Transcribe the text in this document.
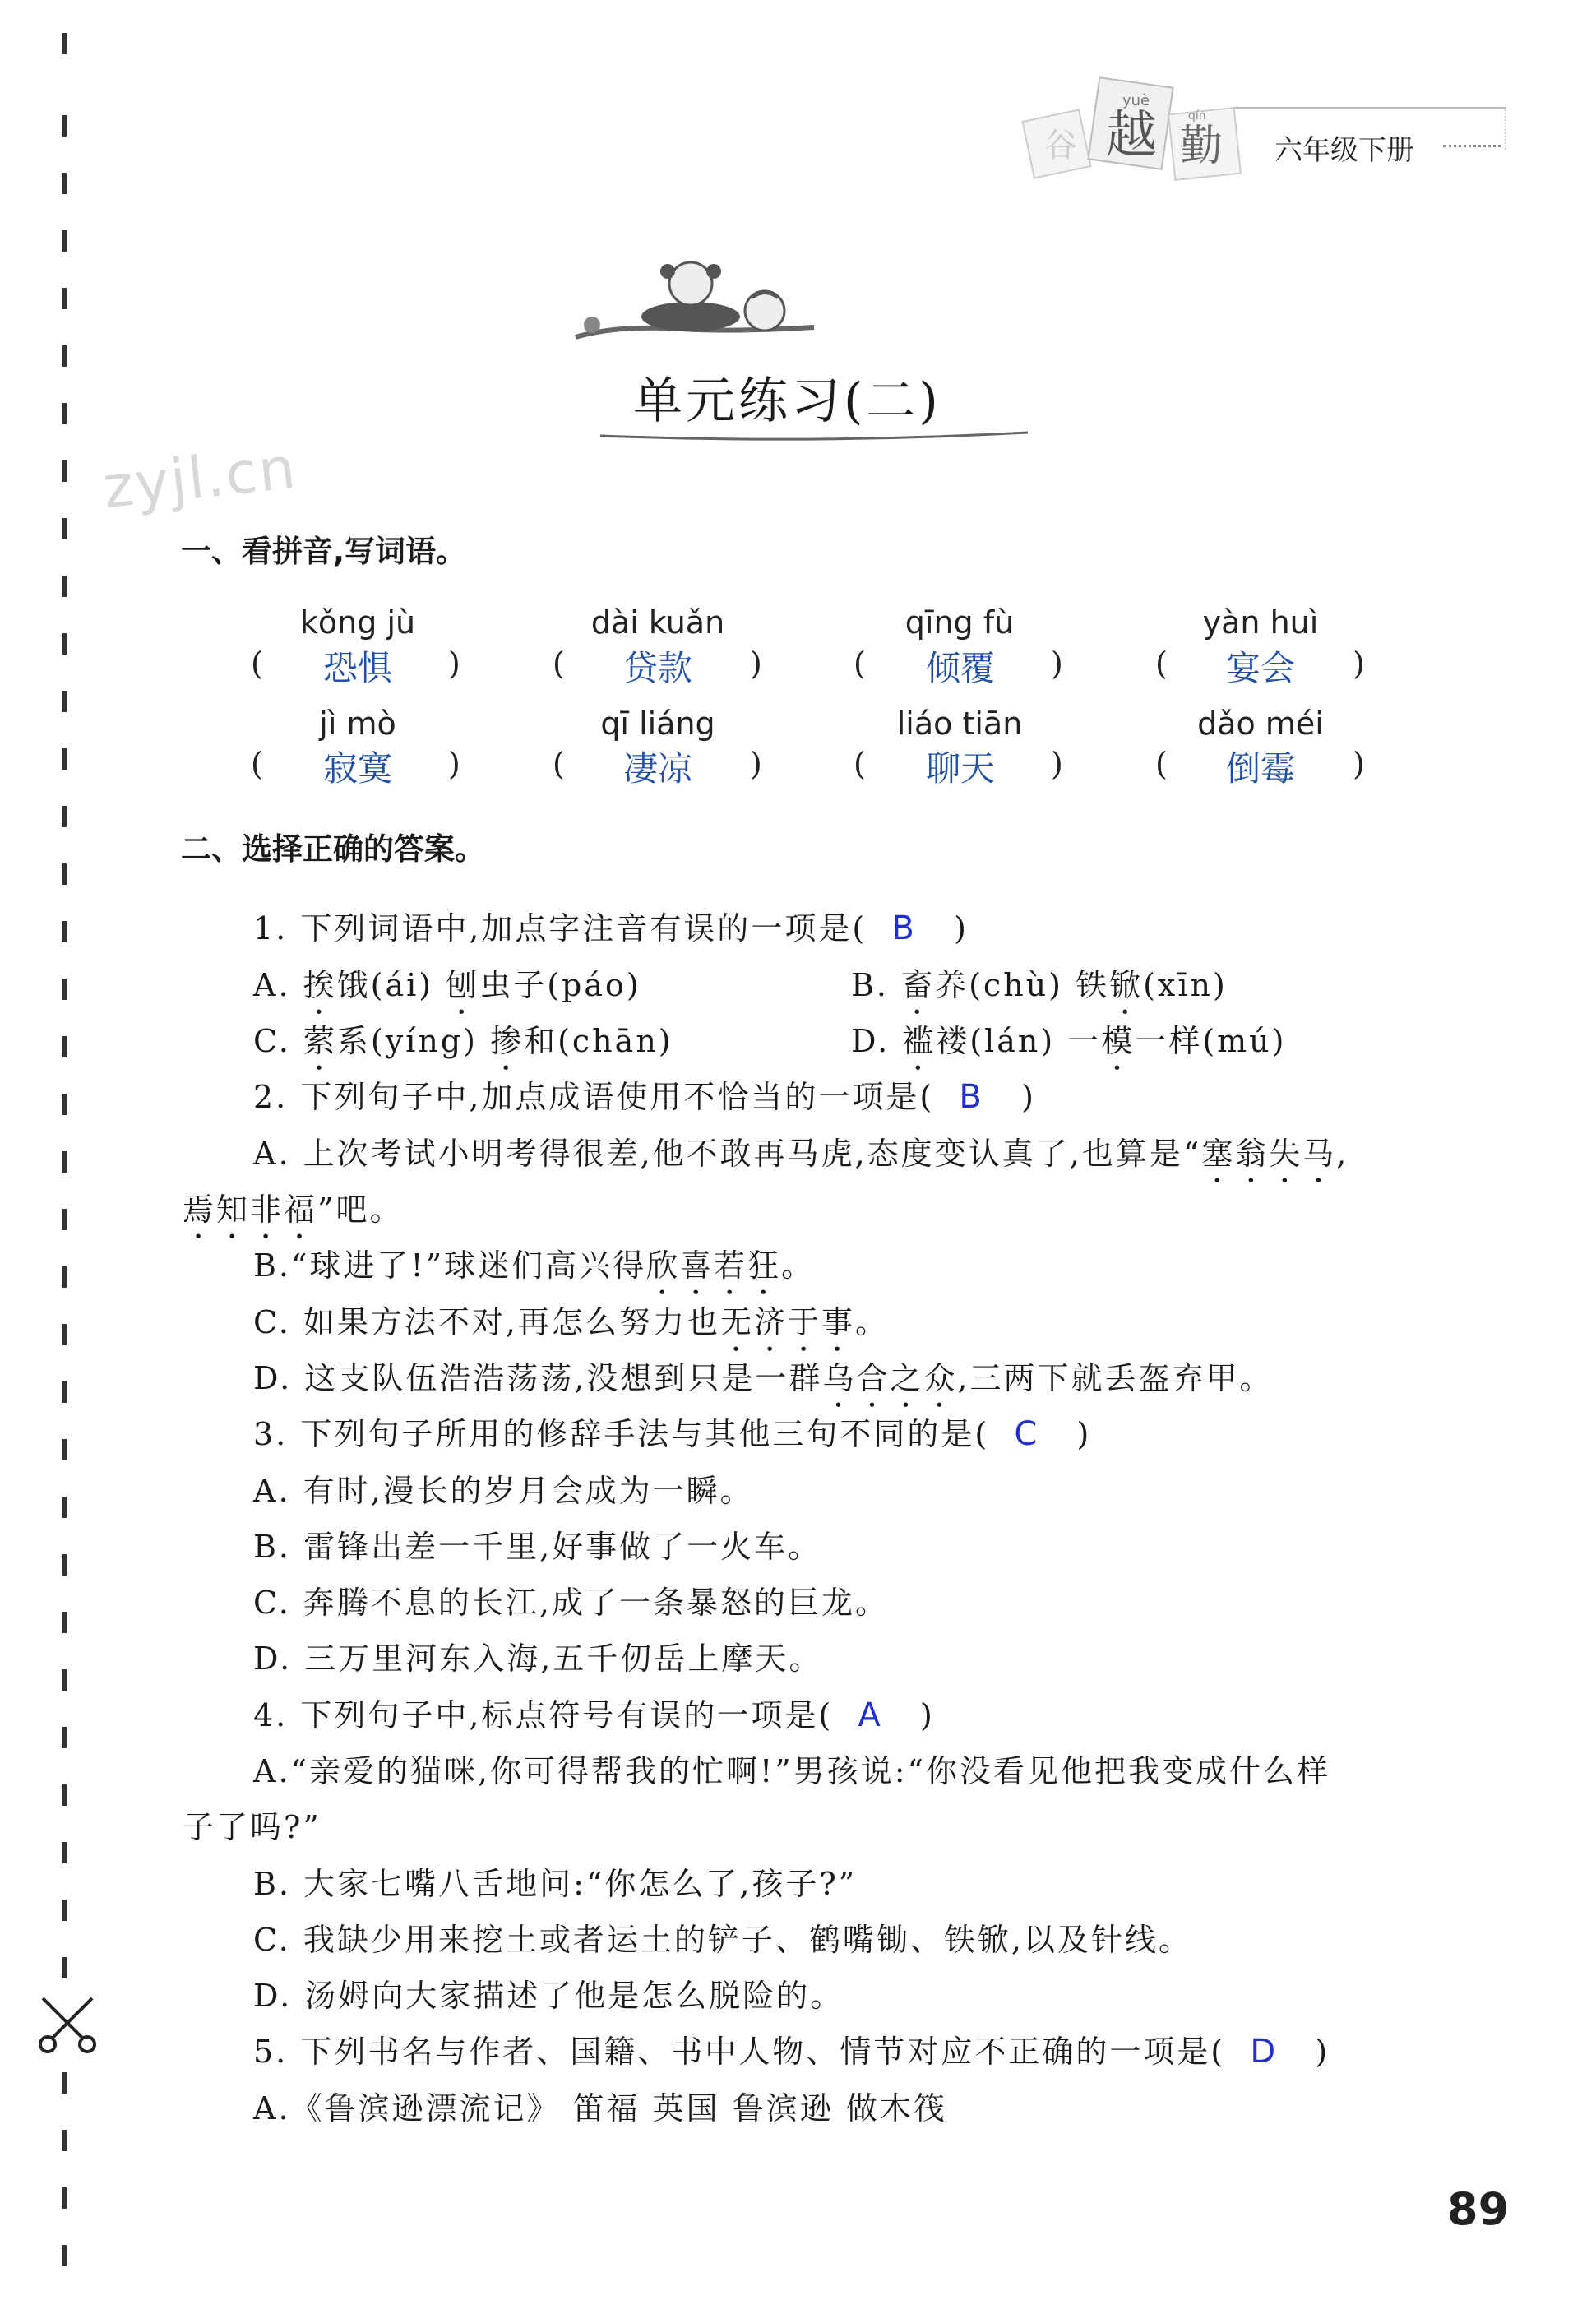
谷 越 勤
yuè
qín
六年级下册
单元练习(二)
zyjl.cn
一、看拼音,写词语。
kǒng jù	dài kuǎn	qīng fù	yàn huì
(	恐惧	)	(	贷款	)	(	倾覆	)	(	宴会	)
jì mò	qī liáng	liáo tiān	dǎo méi
(	寂寞	)	(	凄凉	)	(	聊天	)	(	倒霉	)
二、选择正确的答案。
1. 下列词语中,加点字注音有误的一项是( B )
A. 挨饿(ái) 刨虫子(páo)	B. 畜养(chù) 铁锨(xīn)
C. 萦系(yíng) 掺和(chān)	D. 褴褛(lán) 一模一样(mú)
2. 下列句子中,加点成语使用不恰当的一项是( B )
A. 上次考试小明考得很差,他不敢再马虎,态度变认真了,也算是“塞翁失马,
焉知非福”吧。
B.“球进了!”球迷们高兴得欣喜若狂。
C. 如果方法不对,再怎么努力也无济于事。
D. 这支队伍浩浩荡荡,没想到只是一群乌合之众,三两下就丢盔弃甲。
3. 下列句子所用的修辞手法与其他三句不同的是( C )
A. 有时,漫长的岁月会成为一瞬。
B. 雷锋出差一千里,好事做了一火车。
C. 奔腾不息的长江,成了一条暴怒的巨龙。
D. 三万里河东入海,五千仞岳上摩天。
4. 下列句子中,标点符号有误的一项是( A )
A.“亲爱的猫咪,你可得帮我的忙啊!”男孩说:“你没看见他把我变成什么样
子了吗?”
B. 大家七嘴八舌地问:“你怎么了,孩子?”
C. 我缺少用来挖土或者运土的铲子、鹤嘴锄、铁锨,以及针线。
D. 汤姆向大家描述了他是怎么脱险的。
5. 下列书名与作者、国籍、书中人物、情节对应不正确的一项是( D )
A.《鲁滨逊漂流记》 笛福 英国 鲁滨逊 做木筏
89
